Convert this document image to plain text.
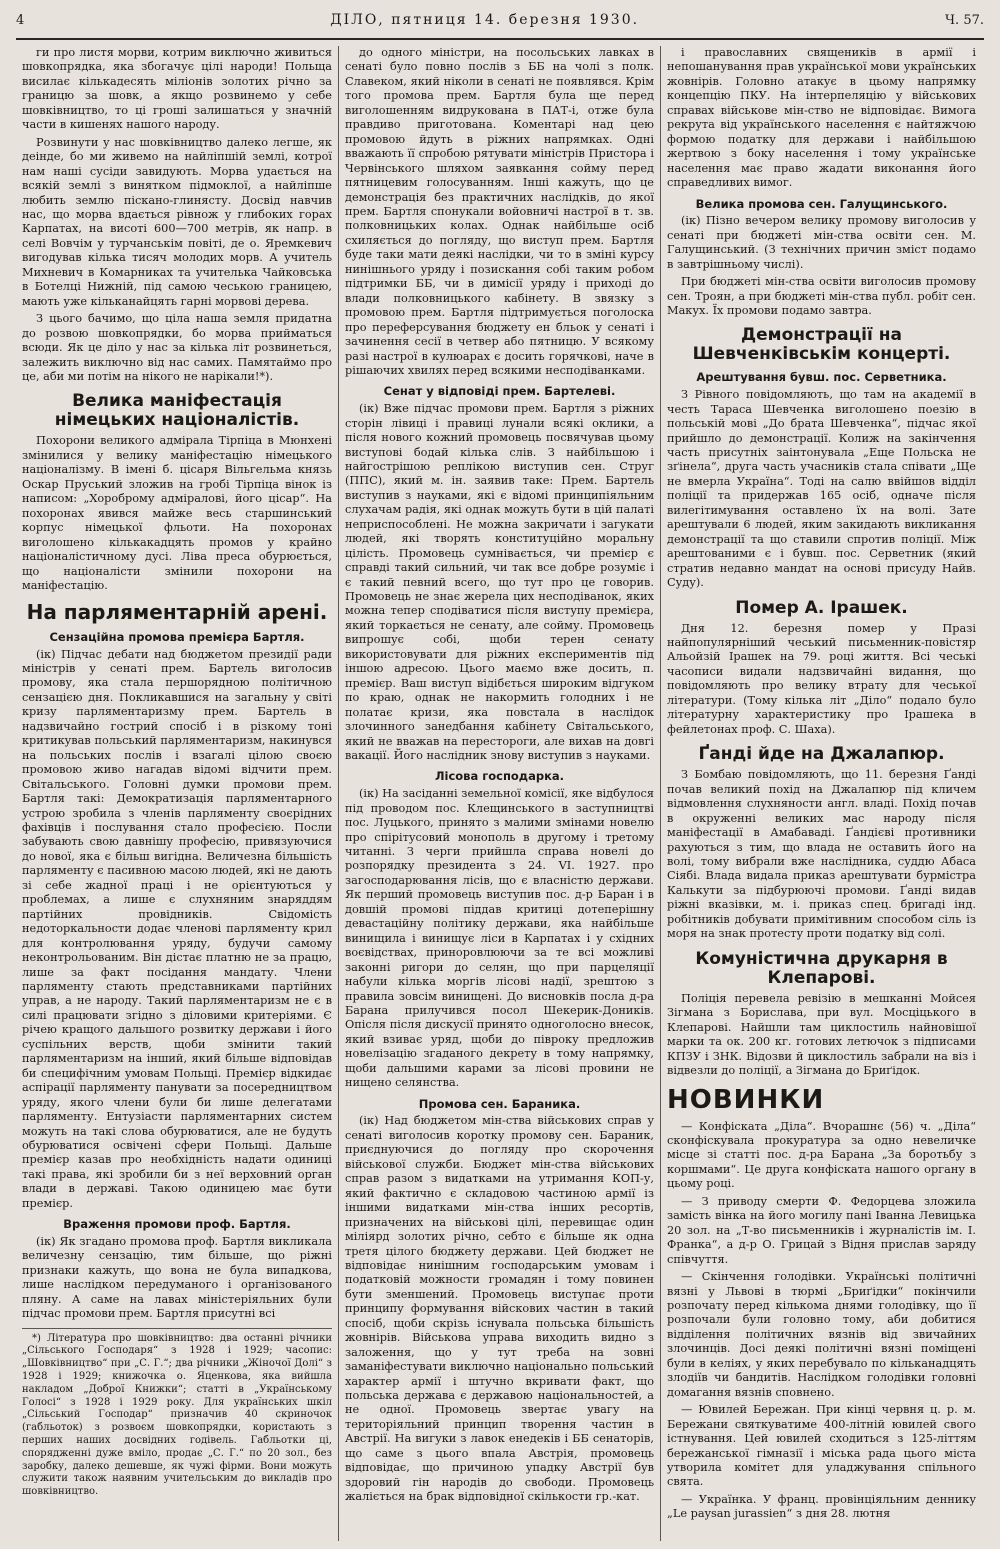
4	ДІЛО, пятниця 14. березня 1930.	Ч. 57.

ги про листя морви, котрим виключно живиться шовкопрядка, яка збогачує цілі народи! Польща висилає кількадесять міліонів золотих річно за границю за шовк, а якщо розвинемо у себе шовківництво, то ці гроші залишаться у значній части в кишенях нашого народу.

Розвинути у нас шовківництво далеко легше, як деінде, бо ми живемо на найліпшій землі, котрої нам наші сусіди завидують. Морва удається на всякій землі з винятком підмоклої, а найліпше любить землю піскано-глинясту. Досвід навчив нас, що морва вдається рівнож у глибоких горах Карпатах, на висоті 600—700 метрів, як напр. в селі Вовчім у турчанськім повіті, де о. Яремкевич вигодував кілька тисяч молодих морв. А учитель Михневич в Комарниках та учителька Чайковська в Ботелці Нижній, під самою чеською границею, мають уже кільканайцять гарні морвові дерева.

З цього бачимо, що ціла наша земля придатна до розвою шовкопрядки, бо морва прийматься всюди. Як це діло у нас за кілька літ розвинеться, залежить виключно від нас самих. Памятаймо про це, аби ми потім на нікого не нарікали!*).

Велика маніфестація німецьких націоналістів.

Похорони великого адмірала Тірпіца в Мюнхені змінилися у велику маніфестацію німецького націоналізму. В імені б. цісаря Вільгельма князь Оскар Пруський зложив на гробі Тірпіца вінок із написом: „Хороброму адміралові, його цісар“. На похоронах явився майже весь старшинський корпус німецької фльоти. На похоронах виголошено кількакадцять промов у крайно націоналістичному дусі. Ліва преса обурюється, що націоналісти змінили похорони на маніфестацію.

На парляментарній арені.
Сензаційна промова премієра Бартля.

(ік) Підчас дебати над бюджетом президії ради міністрів у сенаті прем. Бартель виголосив промову, яка стала першорядною політичною сензацією дня. Покликавшися на загальну у світі кризу парляментаризму прем. Бартель в надзвичайно гострий спосіб і в різкому тоні критикував польський парляментаризм, накинувся на польських послів і взагалі цілою своєю промовою живо нагадав відомі відчити прем. Світальського. Головні думки промови прем. Бартля такі: Демократизація парляментарного устрою зробила з членів парляменту своєрідних фахівців і послування стало професією. Посли забувають свою давнішу професію, привязуючися до нової, яка є більш вигідна. Величезна більшість парляменту є пасивною масою людей, які не дають зі себе жадної праці і не орієнтуються у проблемах, а лише є слухняним знаряддям партійних провідників. Свідомість недоторкальности додає членові парляменту крил для контролювання уряду, будучи самому неконтрольованим. Він дістає платню не за працю, лише за факт посідання мандату. Члени парляменту стають представниками партійних управ, а не народу. Такий парляментаризм не є в силі працювати згідно з діловими критеріями. Є річею кращого дальшого розвитку держави і його суспільних верств, щоби змінити такий парляментаризм на інший, який більше відповідав би специфічним умовам Польщі. Премієр відкидає аспірації парляменту панувати за посередництвом уряду, якого члени були би лише делегатами парляменту. Ентузіасти парляментарних систем можуть на такі слова обурюватися, але не будуть обурюватися освічені сфери Польщі. Дальше премієр казав про необхідність надати одиниці такі права, які зробили би з неї верховний орган влади в державі. Такою одиницею має бути премієр.

Враження промови проф. Бартля.

(ік) Як згадано промова проф. Бартля викликала величезну сензацію, тим більше, що ріжні признаки кажуть, що вона не була випадкова, лише наслідком передуманого і організованого пляну. А саме на лавах міністеріяльних були підчас промови прем. Бартля присутні всі

*) Література про шовківництво: два останні річники „Сільського Господаря“ з 1928 і 1929; часопис: „Шовківництво“ при „С. Г.“; два річники „Жіночої Долі“ з 1928 і 1929; книжочка о. Яценкова, яка вийшла накладом „Доброї Книжки“; статті в „Українському Голосі“ з 1928 і 1929 року. Для українських шкіл „Сільський Господар“ призначив 40 скриночок (габльоток) з розвоєм шовкопрядки, користають з перших наших досвідних годівель. Габльотки ці, спорядженні дуже вміло, продає „С. Г.“ по 20 зол., без заробку, далеко дешевше, як чужі фірми. Вони можуть служити також наявним учительським до викладів про шовківництво.

до одного міністри, на посольських лавках в сенаті було повно послів з ББ на чолі з полк. Славеком, який ніколи в сенаті не появлявся. Крім того промова прем. Бартля була ще перед виголошенням видрукована в ПАТ-і, отже була правдиво приготована. Коментарі над цею промовою йдуть в ріжних напрямках. Одні вважають її спробою рятувати міністрів Пристора і Червінського шляхом заявкання сойму перед пятницевим голосуванням. Інші кажуть, що це демонстрація без практичних наслідків, до якої прем. Бартля спонукали войовничі настрої в т. зв. полковницьких колах. Однак найбільше осіб схиляється до погляду, що виступ прем. Бартля буде таки мати деякі наслідки, чи то в зміні курсу нинішнього уряду і позискання собі таким робом підтримки ББ, чи в димісії уряду і приході до влади полковницького кабінету. В звязку з промовою прем. Бартля підтримується поголоска про переферсування бюджету ен бльок у сенаті і зачинення сесії в четвер або пятницю. У всякому разі настрої в кулюарах є досить горячкові, наче в рішаючих хвилях перед всякими несподіванками.

Сенат у відповіді прем. Бартелеві.

(ік) Вже підчас промови прем. Бартля з ріжних сторін лівиці і правиці лунали всякі оклики, а після нового кожний промовець посвячував цьому виступові бодай кілька слів. З найбільшою і найгострішою реплікою виступив сен. Струг (ППС), який м. ін. заявив таке: Прем. Бартель виступив з науками, які є відомі принципіяльним слухачам радія, які однак можуть бути в цій палаті неприспособлені. Не можна закричати і загукати людей, які творять конституційно моральну цілість. Промовець сумнівається, чи премієр є справді такий сильний, чи так все добре розуміє і є такий певний всего, що тут про це говорив. Промовець не знає жерела цих несподіванок, яких можна тепер сподіватися після виступу премієра, який торкається не сенату, але сойму. Промовець випрошує собі, щоби терен сенату використовувати для ріжних експериментів під іншою адресою. Цього маємо вже досить, п. премієр. Ваш виступ відібється широким відгуком по краю, однак не накормить голодних і не полатає кризи, яка повстала в наслідок злочинного занедбання кабінету Світальського, який не вважав на перестороги, але вихав на довгі вакації. Його наслідник знову виступив з науками.

Лісова господарка.

(ік) На засіданні земельної комісії, яке відбулося під проводом пос. Клещинського в заступництві пос. Луцького, принято з малими змінами новелю про спірітусовий монополь в другому і третому читанні. З черги прийшла справа новелі до розпорядку президента з 24. VI. 1927. про загосподарювання лісів, що є власністю держави. Як перший промовець виступив пос. д-р Баран і в довшій промові піддав критиці дотеперішну девастаційну політику держави, яка найбільше винищила і винищує ліси в Карпатах і у східних воєвідствах, приноровлюючи за те всі можливі законні ригори до селян, що при парцеляції набули кілька моргів лісові надії, зрештою з правила зовсім винищені. До висновків посла д-ра Барана прилучився посол Шекерик-Доників. Опісля після дискусії принято одноголосно внесок, який взиває уряд, щоби до півроку предложив новелізацію згаданого декрету в тому напрямку, щоби дальшими карами за лісові провини не нищено селянства.

Промова сен. Бараника.

(ік) Над бюджетом мін-ства військових справ у сенаті виголосив коротку промову сен. Бараник, приєднуючися до погляду про скорочення військової служби. Бюджет мін-ства військових справ разом з видатками на утримання КОП-у, який фактично є складовою частиною армії із іншими видатками мін-ства інших ресортів, призначених на військові цілі, перевищає один міліярд золотих річно, себто є більше як одна третя цілого бюджету держави. Цей бюджет не відповідає нинішним господарським умовам і податковій можности громадян і тому повинен бути зменшений. Промовець виступає проти принципу формування війскових частин в такий спосіб, щоби скрізь існувала польська більшість жовнірів. Військова управа виходить видно з заложення, що у тут треба на зовні заманіфестувати виключно національно польський характер армії і штучно вкривати факт, що польська держава є державою національностей, а не одної. Промовець звертає увагу на територіяльний принцип творення частин в Австрії. На вигуки з лавок енедеків і ББ сенаторів, що саме з цього впала Австрія, промовець відповідає, що причиною упадку Австрії був здоровий гін народів до свободи. Промовець жаліється на брак відповідної скількости гр.-кат.

і православних священиків в армії і непошанування прав української мови українських жовнірів. Головно атакує в цьому напрямку концепцію ПКУ. На інтерпеляцію у військових справах військове мін-ство не відповідає. Вимога рекрута від українського населення є найтяжчою формою податку для держави і найбільшою жертвою з боку населення і тому українське населення має право жадати виконання його справедливих вимог.

Велика промова сен. Галущинського.

(ік) Пізно вечером велику промову виголосив у сенаті при бюджеті мін-ства освіти сен. М. Галущинський. (З технічних причин зміст подамо в завтрішньому числі).

При бюджеті мін-ства освіти виголосив промову сен. Троян, а при бюджеті мін-ства публ. робіт сен. Макух. Їх промови подамо завтра.

Демонстрації на Шевченківськім концерті.
Арештування бувш. пос. Серветника.

З Рівного повідомляють, що там на академії в честь Тараса Шевченка виголошено поезію в польській мові „До брата Шевченка“, підчас якої прийшло до демонстрації. Колиж на закінчення часть присутніх заінтонувала „Еще Польска не зґінела“, друга часть учасників стала співати „Ще не вмерла Україна“. Тоді на салю ввійшов відділ поліції та придержав 165 осіб, одначе після вилегітимування оставлено їх на волі. Зате арештували 6 людей, яким закидають викликання демонстрації та що ставили спротив поліції. Між арештованими є і бувш. пос. Серветник (який стратив недавно мандат на основі присуду Найв. Суду).

Помер А. Ірашек.

Дня 12. березня помер у Празі найпопулярніший чеський письменник-повістяр Альойзій Ірашек на 79. році життя. Всі чеські часописи видали надзвичайні видання, що повідомляють про велику втрату для чеської літератури. (Тому кілька літ „Діло“ подало було літературну характеристику про Ірашека в фейлетонах проф. С. Шаха).

Ґанді йде на Джалапюр.

З Бомбаю повідомляють, що 11. березня Ґанді почав великий похід на Джалапюр під кличем відмовлення слухняности англ. владі. Похід почав в окруженні великих мас народу після маніфестації в Амабаваді. Ґандієві противники рахуються з тим, що влада не оставить його на волі, тому вибрали вже наслідника, суддю Абаса Сіябі. Влада видала приказ арештувати бурмістра Калькути за підбурюючі промови. Ґанді видав ріжні вказівки, м. і. приказ спец. бригаді інд. робітників добувати примітивним способом сіль із моря на знак протесту проти податку від солі.

Комуністична друкарня в Клепарові.

Поліція перевела ревізію в мешканні Мойсея Зігмана з Борислава, при вул. Мосціцького в Клепарові. Найшли там циклостиль найновішої марки та ок. 200 кг. готових летючок з підписами КПЗУ і ЗНК. Відозви й циклостиль забрали на віз і відвезли до поліції, а Зігмана до Бриґідок.

НОВИНКИ

— Конфіската „Діла“. Вчорашнє (56) ч. „Діла“ сконфіскувала прокуратура за одно невеличке місце зі статті пос. д-ра Барана „За боротьбу з коршмами“. Це друга конфіската нашого органу в цьому році.

— З приводу смерти Ф. Федорцева зложила замість вінка на його могилу пані Іванна Левицька 20 зол. на „Т-во письменників і журналістів ім. І. Франка“, а д-р О. Грицай з Відня прислав заряду співчуття.

— Скінчення голодівки. Українські політичні вязні у Львові в тюрмі „Бриґідки“ покінчили розпочату перед кількома днями голодівку, що її розпочали були головно тому, аби добитися відділення політичних вязнів від звичайних злочинців. Досі деякі політичні вязні поміщені були в келіях, у яких перебувало по кільканадцять злодіїв чи бандитів. Наслідком голодівки головні домагання вязнів сповнено.

— Ювилей Бережан. При кінці червня ц. р. м. Бережани святкуватиме 400-літній ювилей свого істнування. Цей ювилей сходиться з 125-літтям бережанської гімназії і міська рада цього міста утворила комітет для уладжування спільного свята.

— Українка. У франц. провінціяльним деннику „Le paysan jurassien“ з дня 28. лютня
